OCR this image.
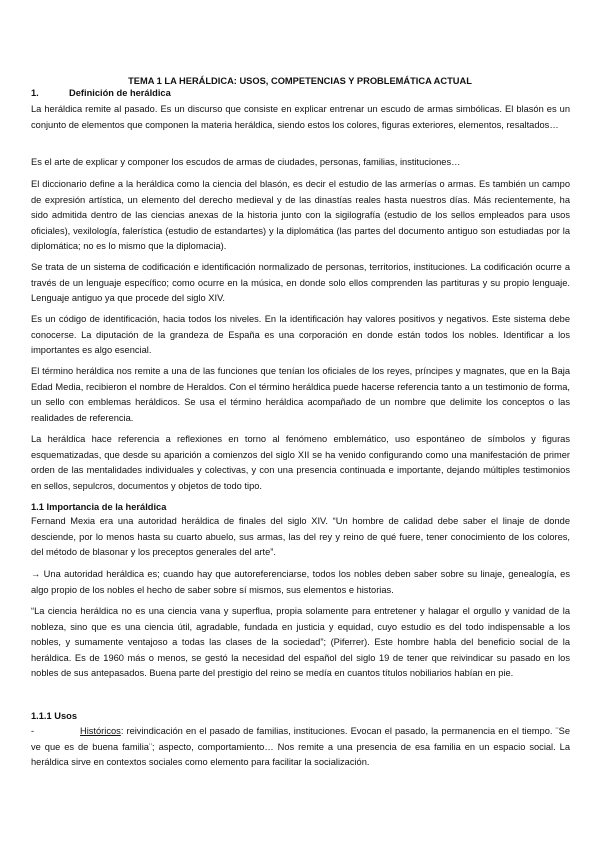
TEMA 1 LA HERÁLDICA: USOS, COMPETENCIAS Y PROBLEMÁTICA ACTUAL

1.	Definición de heráldica

La heráldica remite al pasado. Es un discurso que consiste en explicar entrenar un escudo de armas simbólicas. El blasón es un conjunto de elementos que componen la materia heráldica, siendo estos los colores, figuras exteriores, elementos, resaltados…

Es el arte de explicar y componer los escudos de armas de ciudades, personas, familias, instituciones…

El diccionario define a la heráldica como la ciencia del blasón, es decir el estudio de las armerías o armas. Es también un campo de expresión artística, un elemento del derecho medieval y de las dinastías reales hasta nuestros días. Más recientemente, ha sido admitida dentro de las ciencias anexas de la historia junto con la sigilografía (estudio de los sellos empleados para usos oficiales), vexilología, falerística (estudio de estandartes) y la diplomática (las partes del documento antiguo son estudiadas por la diplomática; no es lo mismo que la diplomacia).

Se trata de un sistema de codificación e identificación normalizado de personas, territorios, instituciones. La codificación ocurre a través de un lenguaje específico; como ocurre en la música, en donde solo ellos comprenden las partituras y su propio lenguaje. Lenguaje antiguo ya que procede del siglo XIV.

Es un código de identificación, hacia todos los niveles. En la identificación hay valores positivos y negativos. Este sistema debe conocerse. La diputación de la grandeza de España es una corporación en donde están todos los nobles. Identificar a los importantes es algo esencial.

El término heráldica nos remite a una de las funciones que tenían los oficiales de los reyes, príncipes y magnates, que en la Baja Edad Media, recibieron el nombre de Heraldos. Con el término heráldica puede hacerse referencia tanto a un testimonio de forma, un sello con emblemas heráldicos. Se usa el término heráldica acompañado de un nombre que delimite los conceptos o las realidades de referencia.

La heráldica hace referencia a reflexiones en torno al fenómeno emblemático, uso espontáneo de símbolos y figuras esquematizadas, que desde su aparición a comienzos del siglo XII se ha venido configurando como una manifestación de primer orden de las mentalidades individuales y colectivas, y con una presencia continuada e importante, dejando múltiples testimonios en sellos, sepulcros, documentos y objetos de todo tipo.

1.1 Importancia de la heráldica

Fernand Mexia era una autoridad heráldica de finales del siglo XIV. “Un hombre de calidad debe saber el linaje de donde desciende, por lo menos hasta su cuarto abuelo, sus armas, las del rey y reino de qué fuere, tener conocimiento de los colores, del método de blasonar y los preceptos generales del arte”.

→ Una autoridad heráldica es; cuando hay que autoreferenciarse, todos los nobles deben saber sobre su linaje, genealogía, es algo propio de los nobles el hecho de saber sobre sí mismos, sus elementos e historias.

“La ciencia heráldica no es una ciencia vana y superflua, propia solamente para entretener y halagar el orgullo y vanidad de la nobleza, sino que es una ciencia útil, agradable, fundada en justicia y equidad, cuyo estudio es del todo indispensable a los nobles, y sumamente ventajoso a todas las clases de la sociedad”; (Piferrer). Este hombre habla del beneficio social de la heráldica. Es de 1960 más o menos, se gestó la necesidad del español del siglo 19 de tener que reivindicar su pasado en los nobles de sus antepasados. Buena parte del prestigio del reino se medía en cuantos títulos nobiliarios habían en pie.

1.1.1 Usos

-	Históricos: reivindicación en el pasado de familias, instituciones. Evocan el pasado, la permanencia en el tiempo. ¨Se ve que es de buena familia¨; aspecto, comportamiento… Nos remite a una presencia de esa familia en un espacio social. La heráldica sirve en contextos sociales como elemento para facilitar la socialización.
